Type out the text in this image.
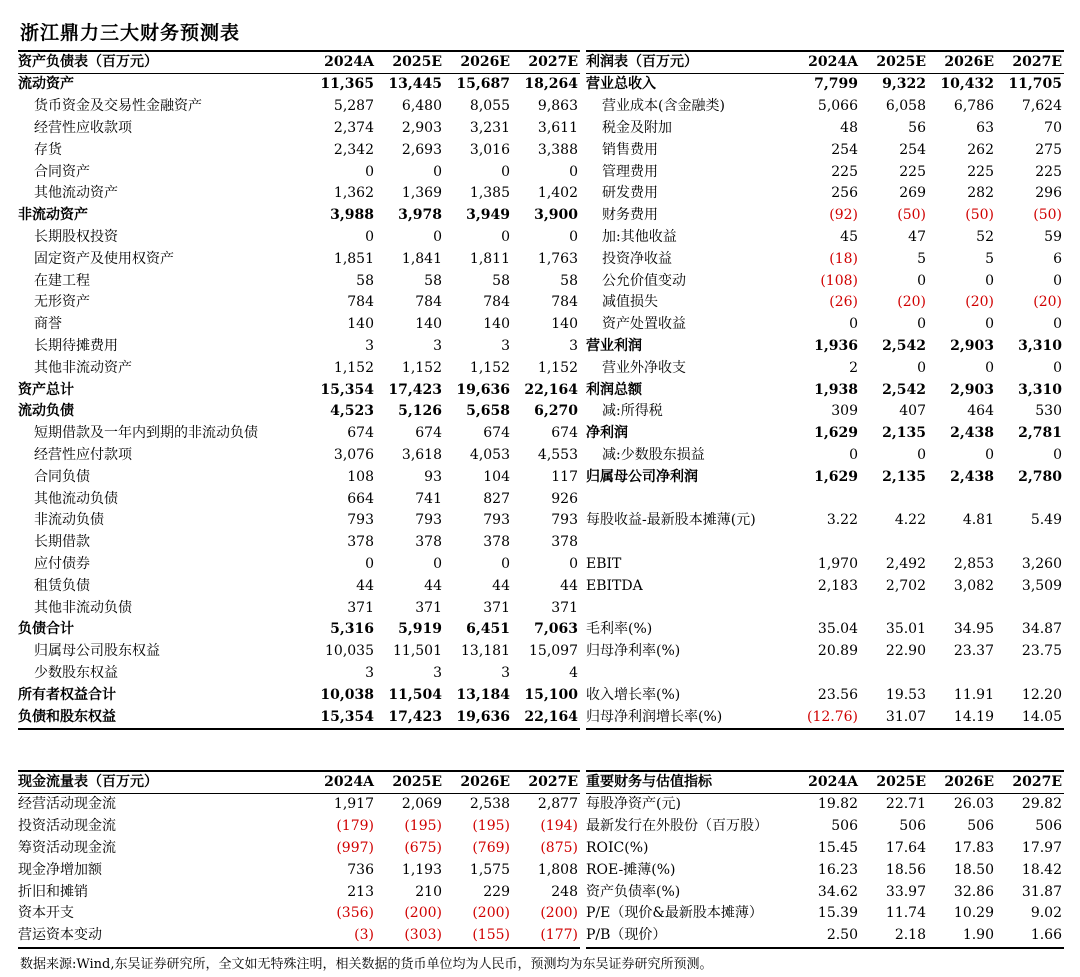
浙江鼎力三大财务预测表
资产负债表（百万元）	2024A	2025E	2026E	2027E
流动资产	11,365	13,445	15,687	18,264
货币资金及交易性金融资产	5,287	6,480	8,055	9,863
经营性应收款项	2,374	2,903	3,231	3,611
存货	2,342	2,693	3,016	3,388
合同资产	0	0	0	0
其他流动资产	1,362	1,369	1,385	1,402
非流动资产	3,988	3,978	3,949	3,900
长期股权投资	0	0	0	0
固定资产及使用权资产	1,851	1,841	1,811	1,763
在建工程	58	58	58	58
无形资产	784	784	784	784
商誉	140	140	140	140
长期待摊费用	3	3	3	3
其他非流动资产	1,152	1,152	1,152	1,152
资产总计	15,354	17,423	19,636	22,164
流动负债	4,523	5,126	5,658	6,270
短期借款及一年内到期的非流动负债	674	674	674	674
经营性应付款项	3,076	3,618	4,053	4,553
合同负债	108	93	104	117
其他流动负债	664	741	827	926
非流动负债	793	793	793	793
长期借款	378	378	378	378
应付债券	0	0	0	0
租赁负债	44	44	44	44
其他非流动负债	371	371	371	371
负债合计	5,316	5,919	6,451	7,063
归属母公司股东权益	10,035	11,501	13,181	15,097
少数股东权益	3	3	3	4
所有者权益合计	10,038	11,504	13,184	15,100
负债和股东权益	15,354	17,423	19,636	22,164
利润表（百万元）	2024A	2025E	2026E	2027E
营业总收入	7,799	9,322	10,432	11,705
营业成本(含金融类)	5,066	6,058	6,786	7,624
税金及附加	48	56	63	70
销售费用	254	254	262	275
管理费用	225	225	225	225
研发费用	256	269	282	296
财务费用	(92)	(50)	(50)	(50)
加:其他收益	45	47	52	59
投资净收益	(18)	5	5	6
公允价值变动	(108)	0	0	0
减值损失	(26)	(20)	(20)	(20)
资产处置收益	0	0	0	0
营业利润	1,936	2,542	2,903	3,310
营业外净收支	2	0	0	0
利润总额	1,938	2,542	2,903	3,310
减:所得税	309	407	464	530
净利润	1,629	2,135	2,438	2,781
减:少数股东损益	0	0	0	0
归属母公司净利润	1,629	2,135	2,438	2,780

每股收益-最新股本摊薄(元)	3.22	4.22	4.81	5.49

EBIT	1,970	2,492	2,853	3,260
EBITDA	2,183	2,702	3,082	3,509

毛利率(%)	35.04	35.01	34.95	34.87
归母净利率(%)	20.89	22.90	23.37	23.75

收入增长率(%)	23.56	19.53	11.91	12.20
归母净利润增长率(%)	(12.76)	31.07	14.19	14.05
现金流量表（百万元）	2024A	2025E	2026E	2027E
经营活动现金流	1,917	2,069	2,538	2,877
投资活动现金流	(179)	(195)	(195)	(194)
筹资活动现金流	(997)	(675)	(769)	(875)
现金净增加额	736	1,193	1,575	1,808
折旧和摊销	213	210	229	248
资本开支	(356)	(200)	(200)	(200)
营运资本变动	(3)	(303)	(155)	(177)
重要财务与估值指标	2024A	2025E	2026E	2027E
每股净资产(元)	19.82	22.71	26.03	29.82
最新发行在外股份（百万股）	506	506	506	506
ROIC(%)	15.45	17.64	17.83	17.97
ROE-摊薄(%)	16.23	18.56	18.50	18.42
资产负债率(%)	34.62	33.97	32.86	31.87
P/E（现价&最新股本摊薄）	15.39	11.74	10.29	9.02
P/B（现价）	2.50	2.18	1.90	1.66
数据来源:Wind,东吴证券研究所，全文如无特殊注明，相关数据的货币单位均为人民币，预测均为东吴证券研究所预测。
